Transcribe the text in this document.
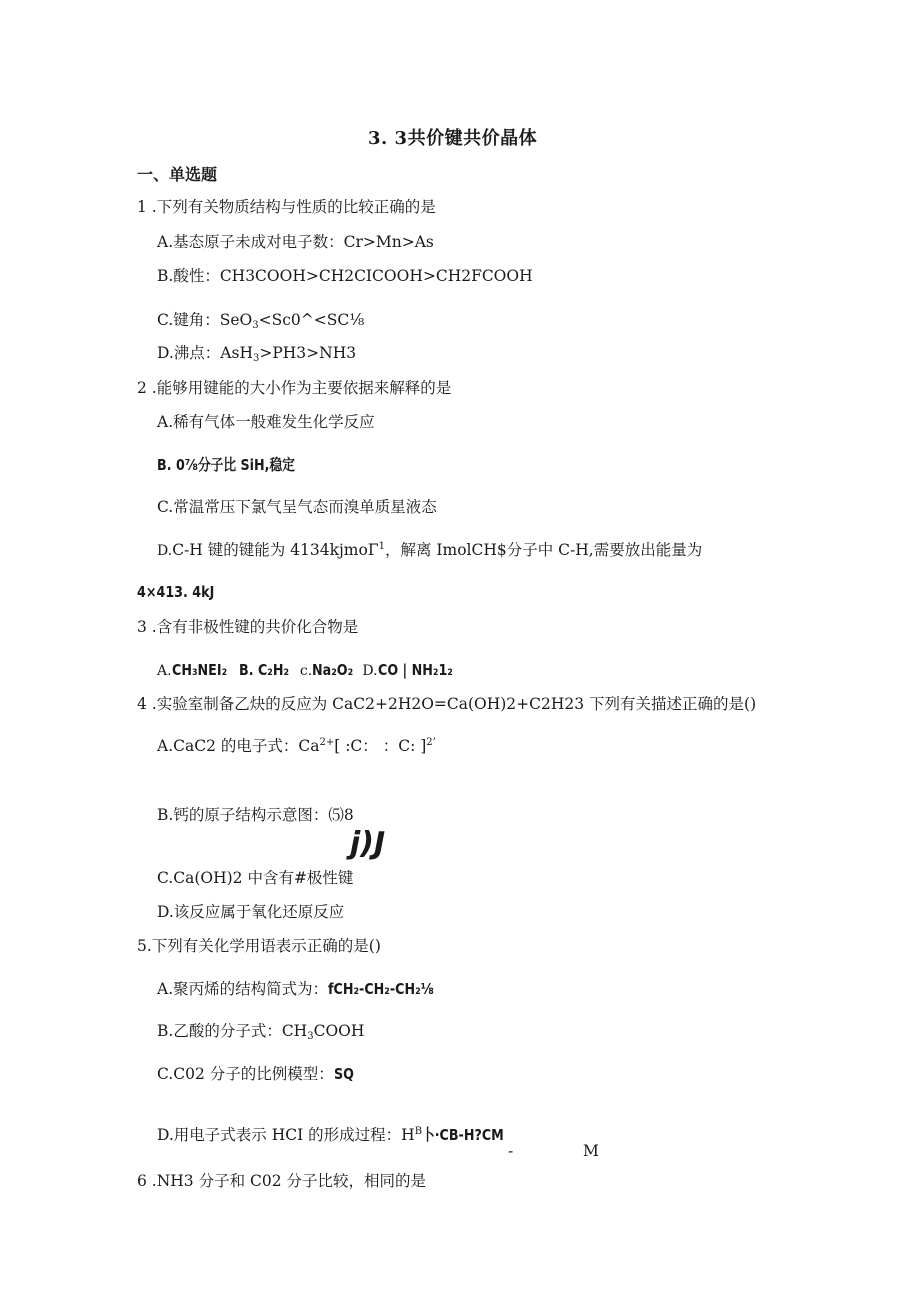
3. 3共价键共价晶体
一、单选题
1 .下列有关物质结构与性质的比较正确的是
A.基态原子未成对电子数：Cr>Mn>As
B.酸性：CH3COOH>CH2CICOOH>CH2FCOOH
C.键角：SeO3<Sc0^<SC⅛
D.沸点：AsH3>PH3>NH3
2 .能够用键能的大小作为主要依据来解释的是
A.稀有气体一般难发生化学反应
B. 0⅞分子比 SiH,稳定
C.常温常压下氯气呈气态而溴单质星液态
D.C-H 键的键能为 4134kjmoΓ$^1$，解离 ImolCH$分子中 C-H,需要放出能量为
4×413. 4kJ
3 .含有非极性键的共价化合物是
A.CH₃NEI₂ B. C₂H₂ c.Na₂O₂ D.CO | NH₂1₂
4 .实验室制备乙炔的反应为 CaC2+2H2O=Ca(OH)2+C2H23 下列有关描述正确的是()
A.CaC2 的电子式：$Ca^{2+}$[ :C： ：C: ]$^{2’}$
B.钙的原子结构示意图：⑸8
j)J
C.Ca(OH)2 中含有#极性键
D.该反应属于氧化还原反应
5.下列有关化学用语表示正确的是()
A.聚丙烯的结构简式为：fCH₂-CH₂-CH₂⅛
B.乙酸的分子式：CH3COOH
C.C02 分子的比例模型：SQ
D.用电子式表示 HCI 的形成过程：$H^B$卜·CB-H?CM
-	M
6 .NH3 分子和 C02 分子比较，相同的是
